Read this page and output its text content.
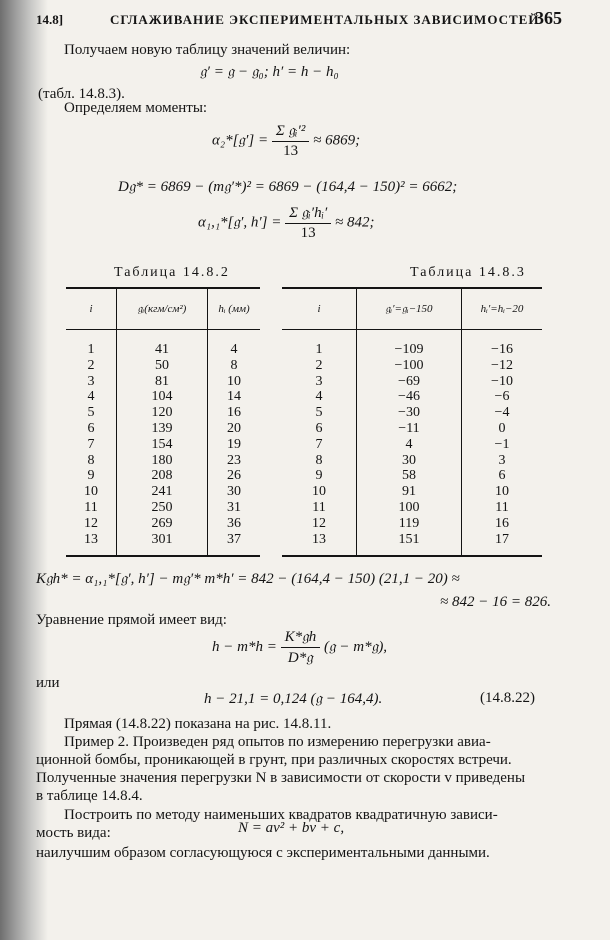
14.8]	СГЛАЖИВАНИЕ ЭКСПЕРИМЕНТАЛЬНЫХ ЗАВИСИМОСТЕЙ
365
Получаем новую таблицу значений величин:
𝔤′ = 𝔤 − 𝔤₀; h′ = h − h₀
(табл. 14.8.3).
Определяем моменты:
α₂*[𝔤′] = $\frac{\text{Σ 𝔤ᵢ′²}}{13} \approx 6869$;
D𝔤* = 6869 − (m𝔤′*)² = 6869 − (164,4 − 150)² = 6662;
α₁,₁*[𝔤′, $h'] = \frac{\text{Σ 𝔤ᵢ′hᵢ′}}{13} \approx 842$;
Таблица 14.8.2	Таблица 14.8.3
i	𝔤ᵢ(кгм/см²)	hᵢ (мм)
1	41	4
2	50	8
3	81	10
4	104	14
5	120	16
6	139	20
7	154	19
8	180	23
9	208	26
10	241	30
11	250	31
12	269	36
13	301	37
i	𝔤ᵢ′=𝔤ᵢ−150	hᵢ′=hᵢ−20
1	−109	−16
2	−100	−12
3	−69	−10
4	−46	−6
5	−30	−4
6	−11	0
7	4	−1
8	30	3
9	58	6
10	91	10
11	100	11
12	119	16
13	151	17
K𝔤h* = α₁,₁*[𝔤′, h′] − m𝔤′* m*h′ = 842 − (164,4 − 150) (21,1 − 20) ≈
≈ 842 − 16 = 826.
Уравнение прямой имеет вид:
$h - m*h = \frac{\text{K*𝔤h}}{\text{D*𝔤}}$ (𝔤 − m*𝔤),
или
h − 21,1 = 0,124 (𝔤 − 164,4).	(14.8.22)
Прямая (14.8.22) показана на рис. 14.8.11.
Пример 2. Произведен ряд опытов по измерению перегрузки авиа-
ционной бомбы, проникающей в грунт, при различных скоростях встречи.
Полученные значения перегрузки N в зависимости от скорости v приведены
в таблице 14.8.4.
Построить по методу наименьших квадратов квадратичную зависи-
мость вида:	N = av² + bv + c,
наилучшим образом согласующуюся с экспериментальными данными.
